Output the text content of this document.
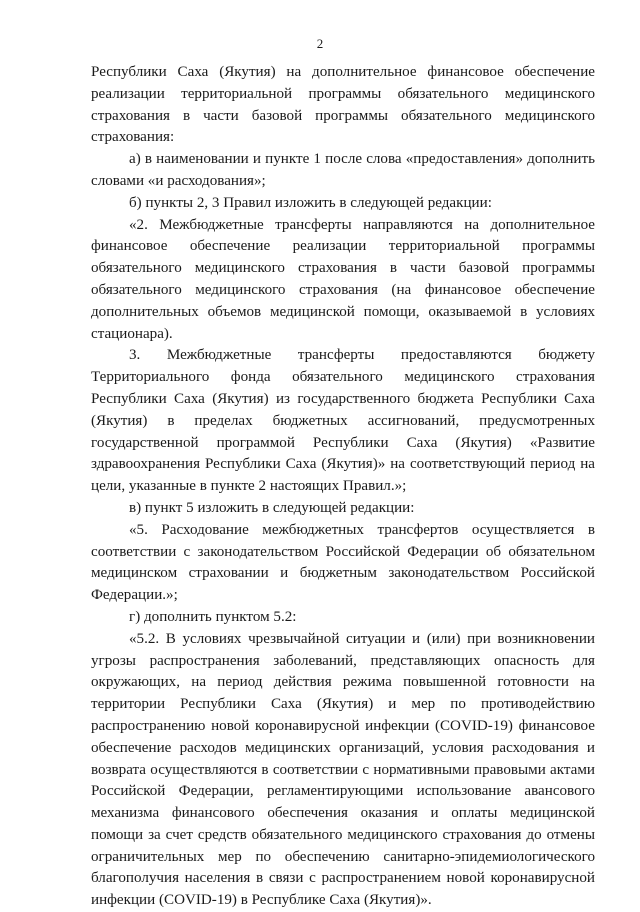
2

Республики Саха (Якутия) на дополнительное финансовое обеспечение реализации территориальной программы обязательного медицинского страхования в части базовой программы обязательного медицинского страхования:

а) в наименовании и пункте 1 после слова «предоставления» дополнить словами «и расходования»;

б) пункты 2, 3 Правил изложить в следующей редакции:

«2. Межбюджетные трансферты направляются на дополнительное финансовое обеспечение реализации территориальной программы обязательного медицинского страхования в части базовой программы обязательного медицинского страхования (на финансовое обеспечение дополнительных объемов медицинской помощи, оказываемой в условиях стационара).

3. Межбюджетные трансферты предоставляются бюджету Территориального фонда обязательного медицинского страхования Республики Саха (Якутия) из государственного бюджета Республики Саха (Якутия) в пределах бюджетных ассигнований, предусмотренных государственной программой Республики Саха (Якутия) «Развитие здравоохранения Республики Саха (Якутия)» на соответствующий период на цели, указанные в пункте 2 настоящих Правил.»;

в) пункт 5 изложить в следующей редакции:

«5. Расходование межбюджетных трансфертов осуществляется в соответствии с законодательством Российской Федерации об обязательном медицинском страховании и бюджетным законодательством Российской Федерации.»;

г) дополнить пунктом 5.2:

«5.2. В условиях чрезвычайной ситуации и (или) при возникновении угрозы распространения заболеваний, представляющих опасность для окружающих, на период действия режима повышенной готовности на территории Республики Саха (Якутия) и мер по противодействию распространению новой коронавирусной инфекции (COVID-19) финансовое обеспечение расходов медицинских организаций, условия расходования и возврата осуществляются в соответствии с нормативными правовыми актами Российской Федерации, регламентирующими использование авансового механизма финансового обеспечения оказания и оплаты медицинской помощи за счет средств обязательного медицинского страхования до отмены ограничительных мер по обеспечению санитарно-эпидемиологического благополучия населения в связи с распространением новой коронавирусной инфекции (COVID-19) в Республике Саха (Якутия)».
